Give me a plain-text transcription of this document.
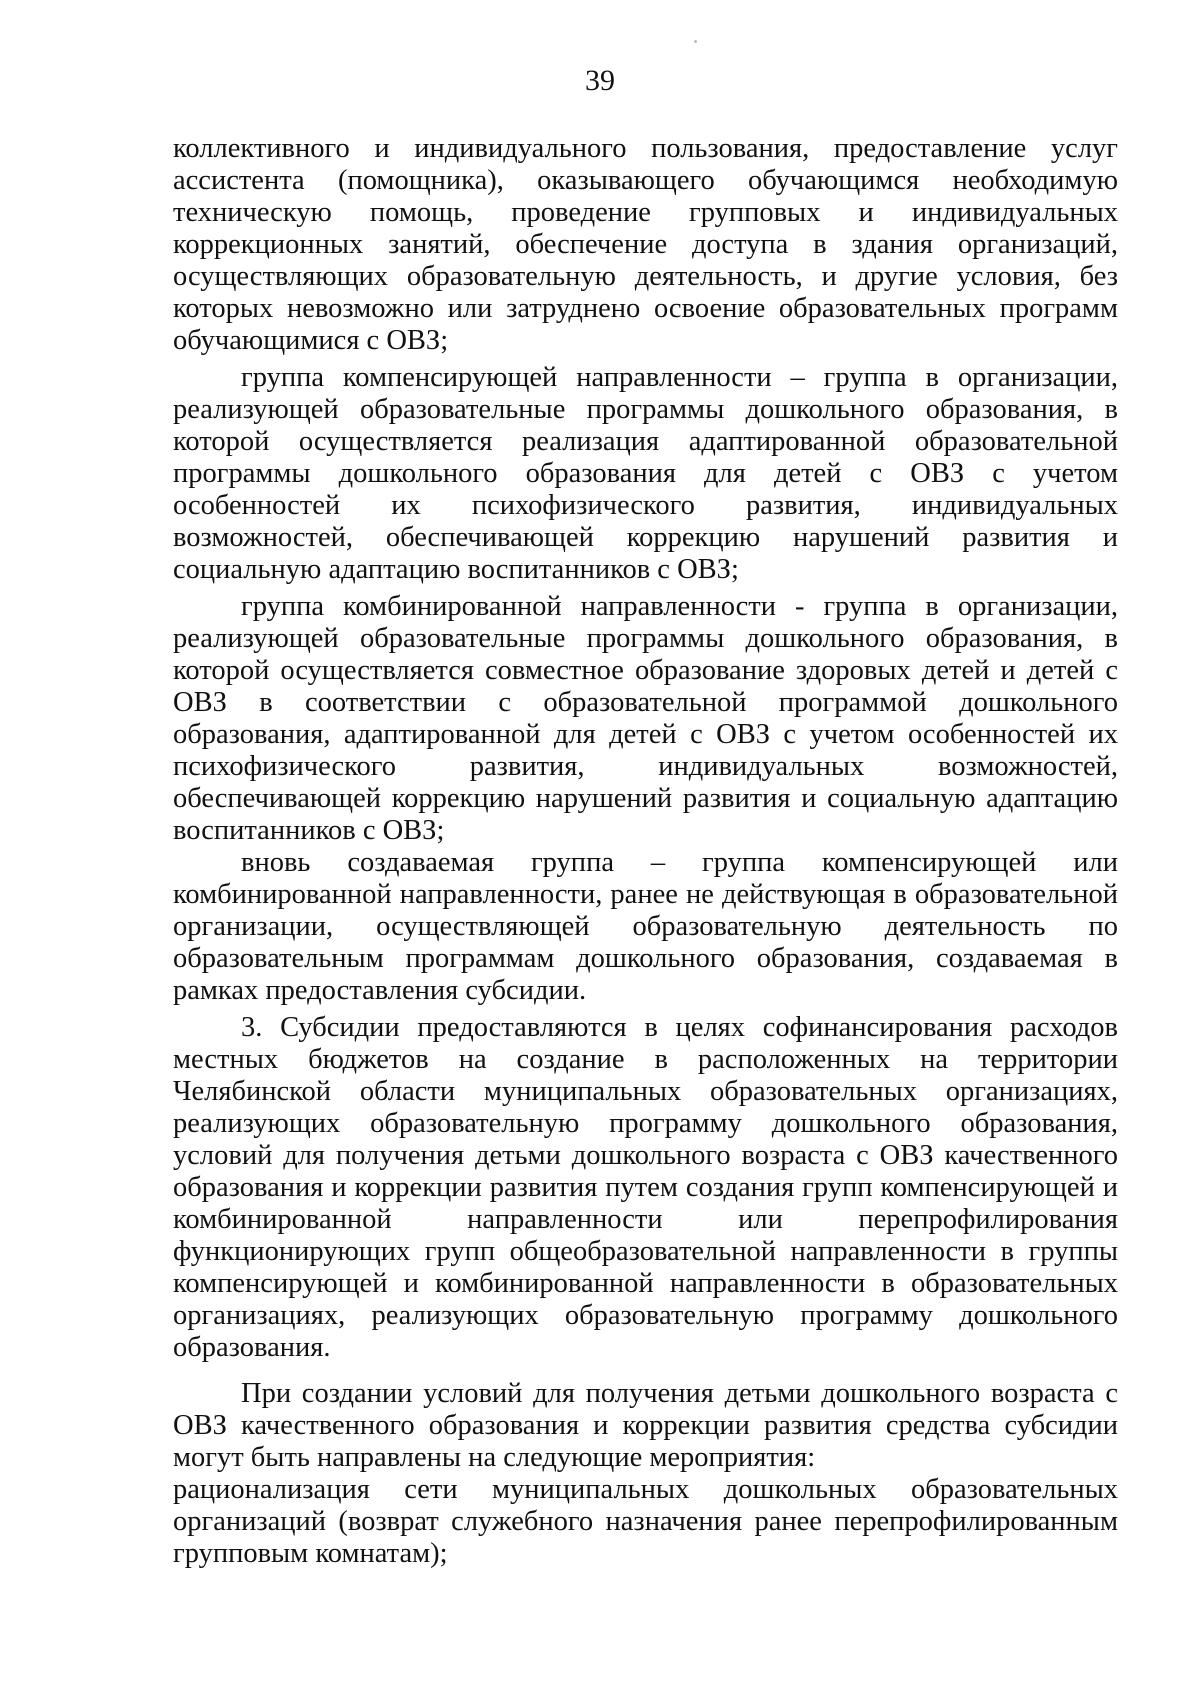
39

коллективного и индивидуального пользования, предоставление услуг ассистента (помощника), оказывающего обучающимся необходимую техническую помощь, проведение групповых и индивидуальных коррекционных занятий, обеспечение доступа в здания организаций, осуществляющих образовательную деятельность, и другие условия, без которых невозможно или затруднено освоение образовательных программ обучающимися с ОВЗ;

группа компенсирующей направленности – группа в организации, реализующей образовательные программы дошкольного образования, в которой осуществляется реализация адаптированной образовательной программы дошкольного образования для детей с ОВЗ с учетом особенностей их психофизического развития, индивидуальных возможностей, обеспечивающей коррекцию нарушений развития и социальную адаптацию воспитанников с ОВЗ;

группа комбинированной направленности - группа в организации, реализующей образовательные программы дошкольного образования, в которой осуществляется совместное образование здоровых детей и детей с ОВЗ в соответствии с образовательной программой дошкольного образования, адаптированной для детей с ОВЗ с учетом особенностей их психофизического развития, индивидуальных возможностей, обеспечивающей коррекцию нарушений развития и социальную адаптацию воспитанников с ОВЗ;

вновь создаваемая группа – группа компенсирующей или комбинированной направленности, ранее не действующая в образовательной организации, осуществляющей образовательную деятельность по образовательным программам дошкольного образования, создаваемая в рамках предоставления субсидии.

3. Субсидии предоставляются в целях софинансирования расходов местных бюджетов на создание в расположенных на территории Челябинской области муниципальных образовательных организациях, реализующих образовательную программу дошкольного образования, условий для получения детьми дошкольного возраста с ОВЗ качественного образования и коррекции развития путем создания групп компенсирующей и комбинированной направленности или перепрофилирования функционирующих групп общеобразовательной направленности в группы компенсирующей и комбинированной направленности в образовательных организациях, реализующих образовательную программу дошкольного образования.

При создании условий для получения детьми дошкольного возраста с ОВЗ качественного образования и коррекции развития средства субсидии могут быть направлены на следующие мероприятия:

рационализация сети муниципальных дошкольных образовательных организаций (возврат служебного назначения ранее перепрофилированным групповым комнатам);
